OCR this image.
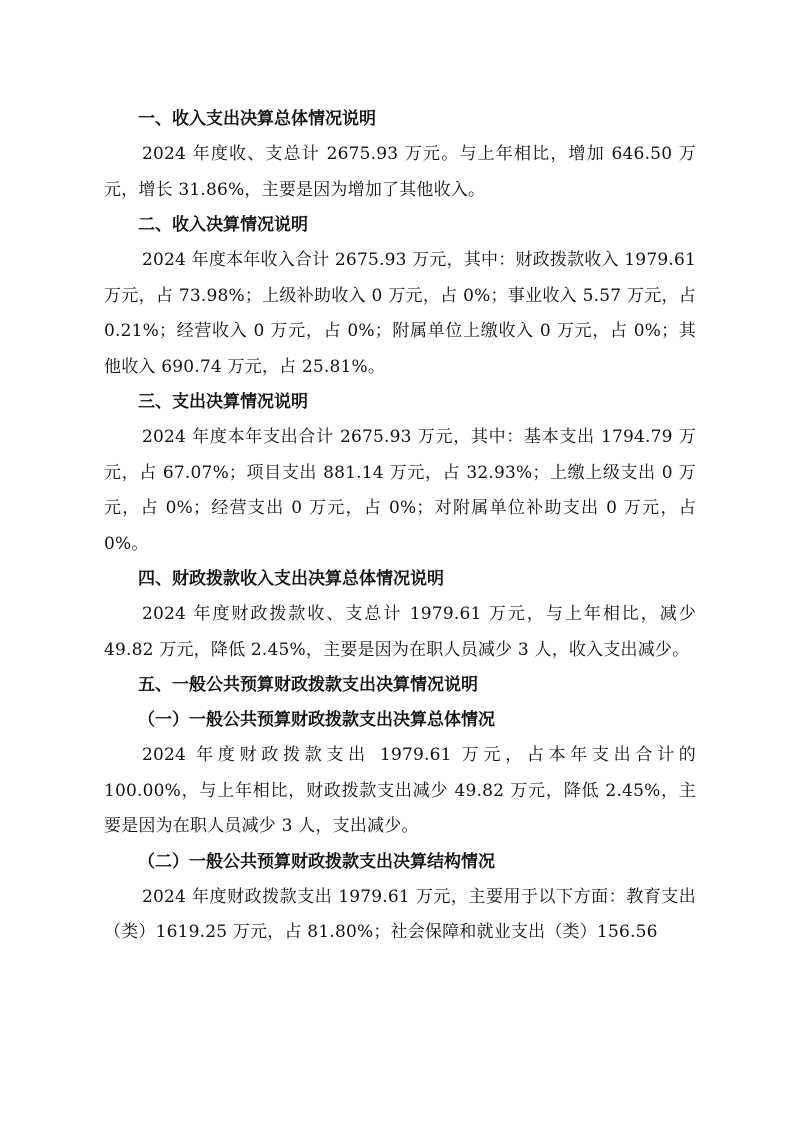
一、收入支出决算总体情况说明

2024 年度收、支总计 2675.93 万元。与上年相比，增加 646.50 万元，增长 31.86%，主要是因为增加了其他收入。

二、收入决算情况说明

2024 年度本年收入合计 2675.93 万元，其中：财政拨款收入 1979.61 万元，占 73.98%；上级补助收入 0 万元，占 0%；事业收入 5.57 万元，占 0.21%；经营收入 0 万元，占 0%；附属单位上缴收入 0 万元，占 0%；其他收入 690.74 万元，占 25.81%。

三、支出决算情况说明

2024 年度本年支出合计 2675.93 万元，其中：基本支出 1794.79 万元，占 67.07%；项目支出 881.14 万元，占 32.93%；上缴上级支出 0 万元，占 0%；经营支出 0 万元，占 0%；对附属单位补助支出 0 万元，占 0%。

四、财政拨款收入支出决算总体情况说明

2024 年度财政拨款收、支总计 1979.61 万元，与上年相比，减少 49.82 万元，降低 2.45%，主要是因为在职人员减少 3 人，收入支出减少。

五、一般公共预算财政拨款支出决算情况说明
（一）一般公共预算财政拨款支出决算总体情况

2024 年度财政拨款支出 1979.61 万元，占本年支出合计的 100.00%，与上年相比，财政拨款支出减少 49.82 万元，降低 2.45%，主要是因为在职人员减少 3 人，支出减少。

（二）一般公共预算财政拨款支出决算结构情况

2024 年度财政拨款支出 1979.61 万元，主要用于以下方面：教育支出（类）1619.25 万元，占 81.80%；社会保障和就业支出（类）156.56
